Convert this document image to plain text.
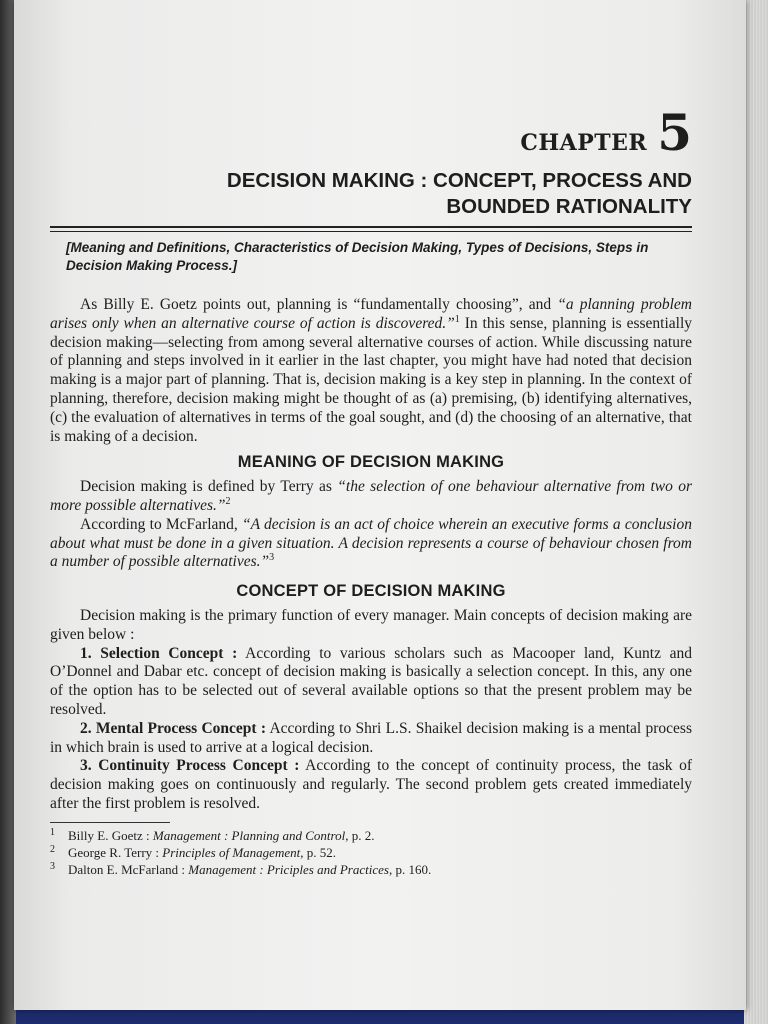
CHAPTER 5
DECISION MAKING : CONCEPT, PROCESS AND
BOUNDED RATIONALITY
[Meaning and Definitions, Characteristics of Decision Making, Types of Decisions, Steps in Decision Making Process.]

As Billy E. Goetz points out, planning is “fundamentally choosing”, and “a planning problem arises only when an alternative course of action is discovered.”$^1$ In this sense, planning is essentially decision making—selecting from among several alternative courses of action. While discussing nature of planning and steps involved in it earlier in the last chapter, you might have had noted that decision making is a major part of planning. That is, decision making is a key step in planning. In the context of planning, therefore, decision making might be thought of as (a) premising, (b) identifying alternatives, (c) the evaluation of alternatives in terms of the goal sought, and (d) the choosing of an alternative, that is making of a decision.

MEANING OF DECISION MAKING

Decision making is defined by Terry as “the selection of one behaviour alternative from two or more possible alternatives.”$^2$

According to McFarland, “A decision is an act of choice wherein an executive forms a conclusion about what must be done in a given situation. A decision represents a course of behaviour chosen from a number of possible alternatives.”$^3$

CONCEPT OF DECISION MAKING

Decision making is the primary function of every manager. Main concepts of decision making are given below :

1. Selection Concept : According to various scholars such as Macooper land, Kuntz and O’Donnel and Dabar etc. concept of decision making is basically a selection concept. In this, any one of the option has to be selected out of several available options so that the present problem may be resolved.

2. Mental Process Concept : According to Shri L.S. Shaikel decision making is a mental process in which brain is used to arrive at a logical decision.

3. Continuity Process Concept : According to the concept of continuity process, the task of decision making goes on continuously and regularly. The second problem gets created immediately after the first problem is resolved.

1 Billy E. Goetz : Management : Planning and Control, p. 2.
2 George R. Terry : Principles of Management, p. 52.
3 Dalton E. McFarland : Management : Priciples and Practices, p. 160.
